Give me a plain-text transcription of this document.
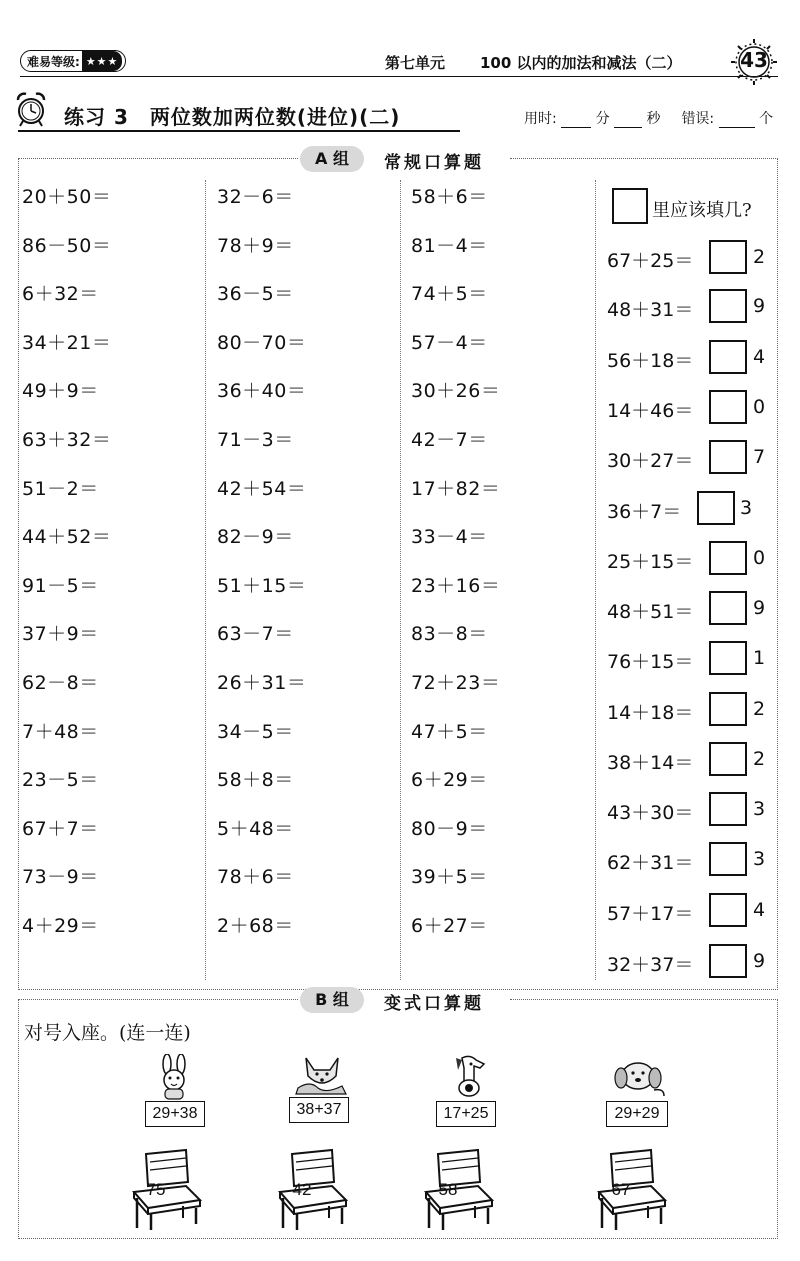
难易等级: ★★★	第七单元 100 以内的加法和减法（二）	43
练习 3　两位数加两位数(进位)(二)	用时:	分	秒 错误:	个
A 组	常规口算题
20＋50＝
86－50＝
6＋32＝
34＋21＝
49＋9＝
63＋32＝
51－2＝
44＋52＝
91－5＝
37＋9＝
62－8＝
7＋48＝
23－5＝
67＋7＝
73－9＝
4＋29＝
32－6＝
78＋9＝
36－5＝
80－70＝
36＋40＝
71－3＝
42＋54＝
82－9＝
51＋15＝
63－7＝
26＋31＝
34－5＝
58＋8＝
5＋48＝
78＋6＝
2＋68＝
58＋6＝
81－4＝
74＋5＝
57－4＝
30＋26＝
42－7＝
17＋82＝
33－4＝
23＋16＝
83－8＝
72＋23＝
47＋5＝
6＋29＝
80－9＝
39＋5＝
6＋27＝
里应该填几?
67＋25＝	2
48＋31＝	9
56＋18＝	4
14＋46＝	0
30＋27＝	7
36＋7＝	3
25＋15＝	0
48＋51＝	9
76＋15＝	1
14＋18＝	2
38＋14＝	2
43＋30＝	3
62＋31＝	3
57＋17＝	4
32＋37＝	9
B 组	变式口算题
对号入座。(连一连)
29+38	38+37	17+25	29+29
75	42	58	67
